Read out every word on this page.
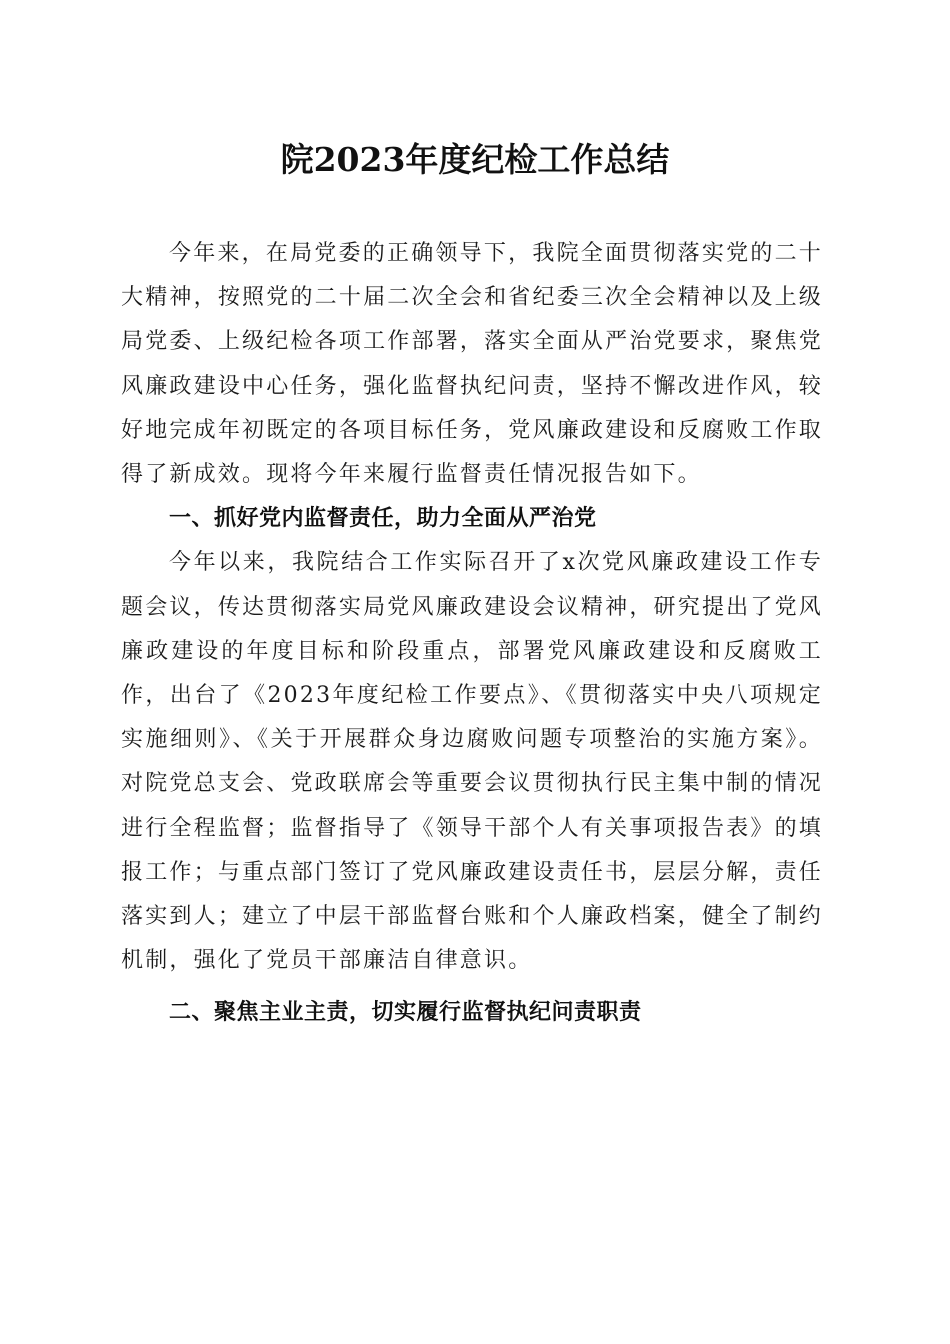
院2023年度纪检工作总结

今年来，在局党委的正确领导下，我院全面贯彻落实党的二十大精神，按照党的二十届二次全会和省纪委三次全会精神以及上级局党委、上级纪检各项工作部署，落实全面从严治党要求，聚焦党风廉政建设中心任务，强化监督执纪问责，坚持不懈改进作风，较好地完成年初既定的各项目标任务，党风廉政建设和反腐败工作取得了新成效。现将今年来履行监督责任情况报告如下。

一、抓好党内监督责任，助力全面从严治党

今年以来，我院结合工作实际召开了x次党风廉政建设工作专题会议，传达贯彻落实局党风廉政建设会议精神，研究提出了党风廉政建设的年度目标和阶段重点，部署党风廉政建设和反腐败工作，出台了《2023年度纪检工作要点》、《贯彻落实中央八项规定实施细则》、《关于开展群众身边腐败问题专项整治的实施方案》。对院党总支会、党政联席会等重要会议贯彻执行民主集中制的情况进行全程监督；监督指导了《领导干部个人有关事项报告表》的填报工作；与重点部门签订了党风廉政建设责任书，层层分解，责任落实到人；建立了中层干部监督台账和个人廉政档案，健全了制约机制，强化了党员干部廉洁自律意识。

二、聚焦主业主责，切实履行监督执纪问责职责
